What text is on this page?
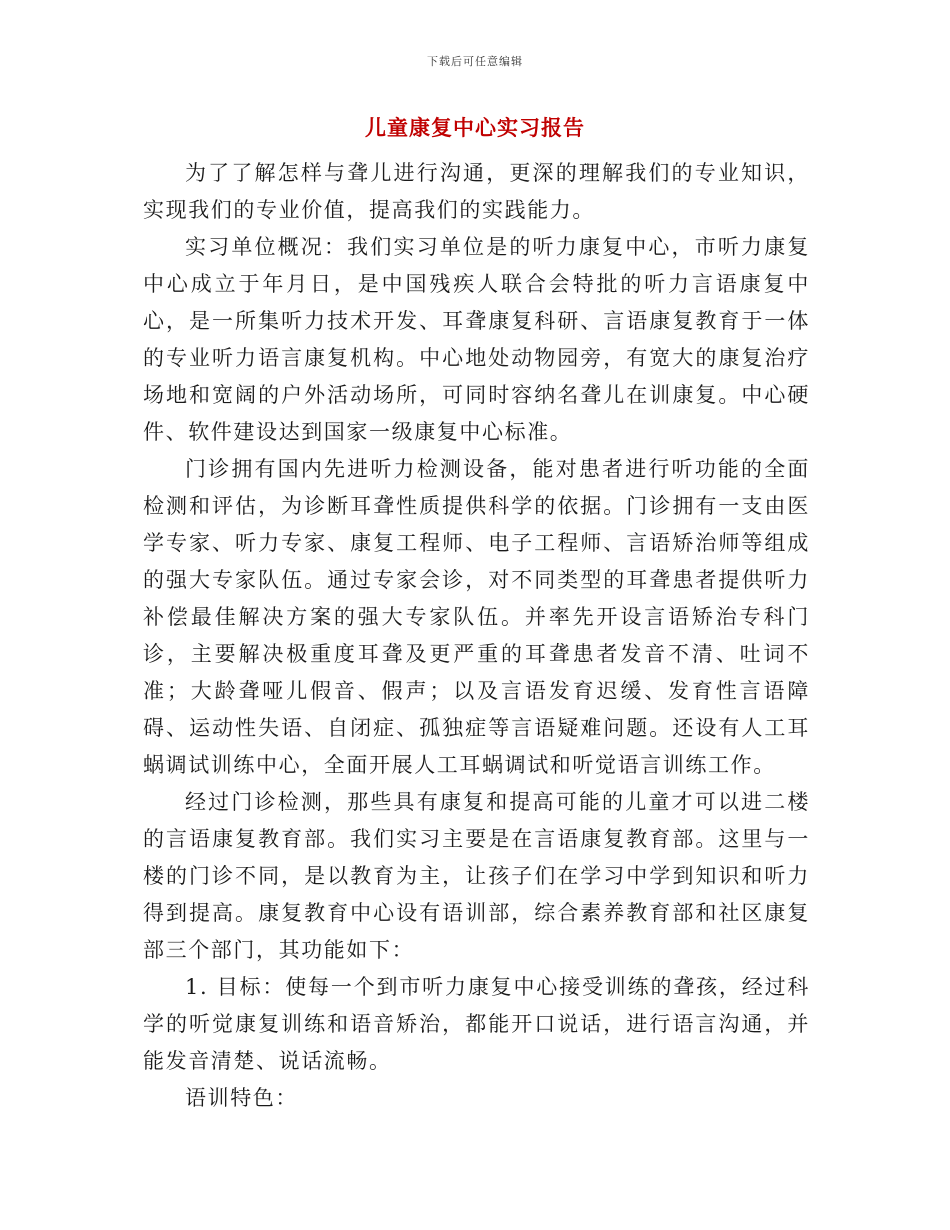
下载后可任意编辑
儿童康复中心实习报告

为了了解怎样与聋儿进行沟通，更深的理解我们的专业知识，实现我们的专业价值，提高我们的实践能力。

实习单位概况：我们实习单位是的听力康复中心，市听力康复中心成立于年月日，是中国残疾人联合会特批的听力言语康复中心，是一所集听力技术开发、耳聋康复科研、言语康复教育于一体的专业听力语言康复机构。中心地处动物园旁，有宽大的康复治疗场地和宽阔的户外活动场所，可同时容纳名聋儿在训康复。中心硬件、软件建设达到国家一级康复中心标准。

门诊拥有国内先进听力检测设备，能对患者进行听功能的全面检测和评估，为诊断耳聋性质提供科学的依据。门诊拥有一支由医学专家、听力专家、康复工程师、电子工程师、言语矫治师等组成的强大专家队伍。通过专家会诊，对不同类型的耳聋患者提供听力补偿最佳解决方案的强大专家队伍。并率先开设言语矫治专科门诊，主要解决极重度耳聋及更严重的耳聋患者发音不清、吐词不准；大龄聋哑儿假音、假声；以及言语发育迟缓、发育性言语障碍、运动性失语、自闭症、孤独症等言语疑难问题。还设有人工耳蜗调试训练中心，全面开展人工耳蜗调试和听觉语言训练工作。

经过门诊检测，那些具有康复和提高可能的儿童才可以进二楼的言语康复教育部。我们实习主要是在言语康复教育部。这里与一楼的门诊不同，是以教育为主，让孩子们在学习中学到知识和听力得到提高。康复教育中心设有语训部，综合素养教育部和社区康复部三个部门，其功能如下：

1. 目标：使每一个到市听力康复中心接受训练的聋孩，经过科学的听觉康复训练和语音矫治，都能开口说话，进行语言沟通，并能发音清楚、说话流畅。

语训特色：
